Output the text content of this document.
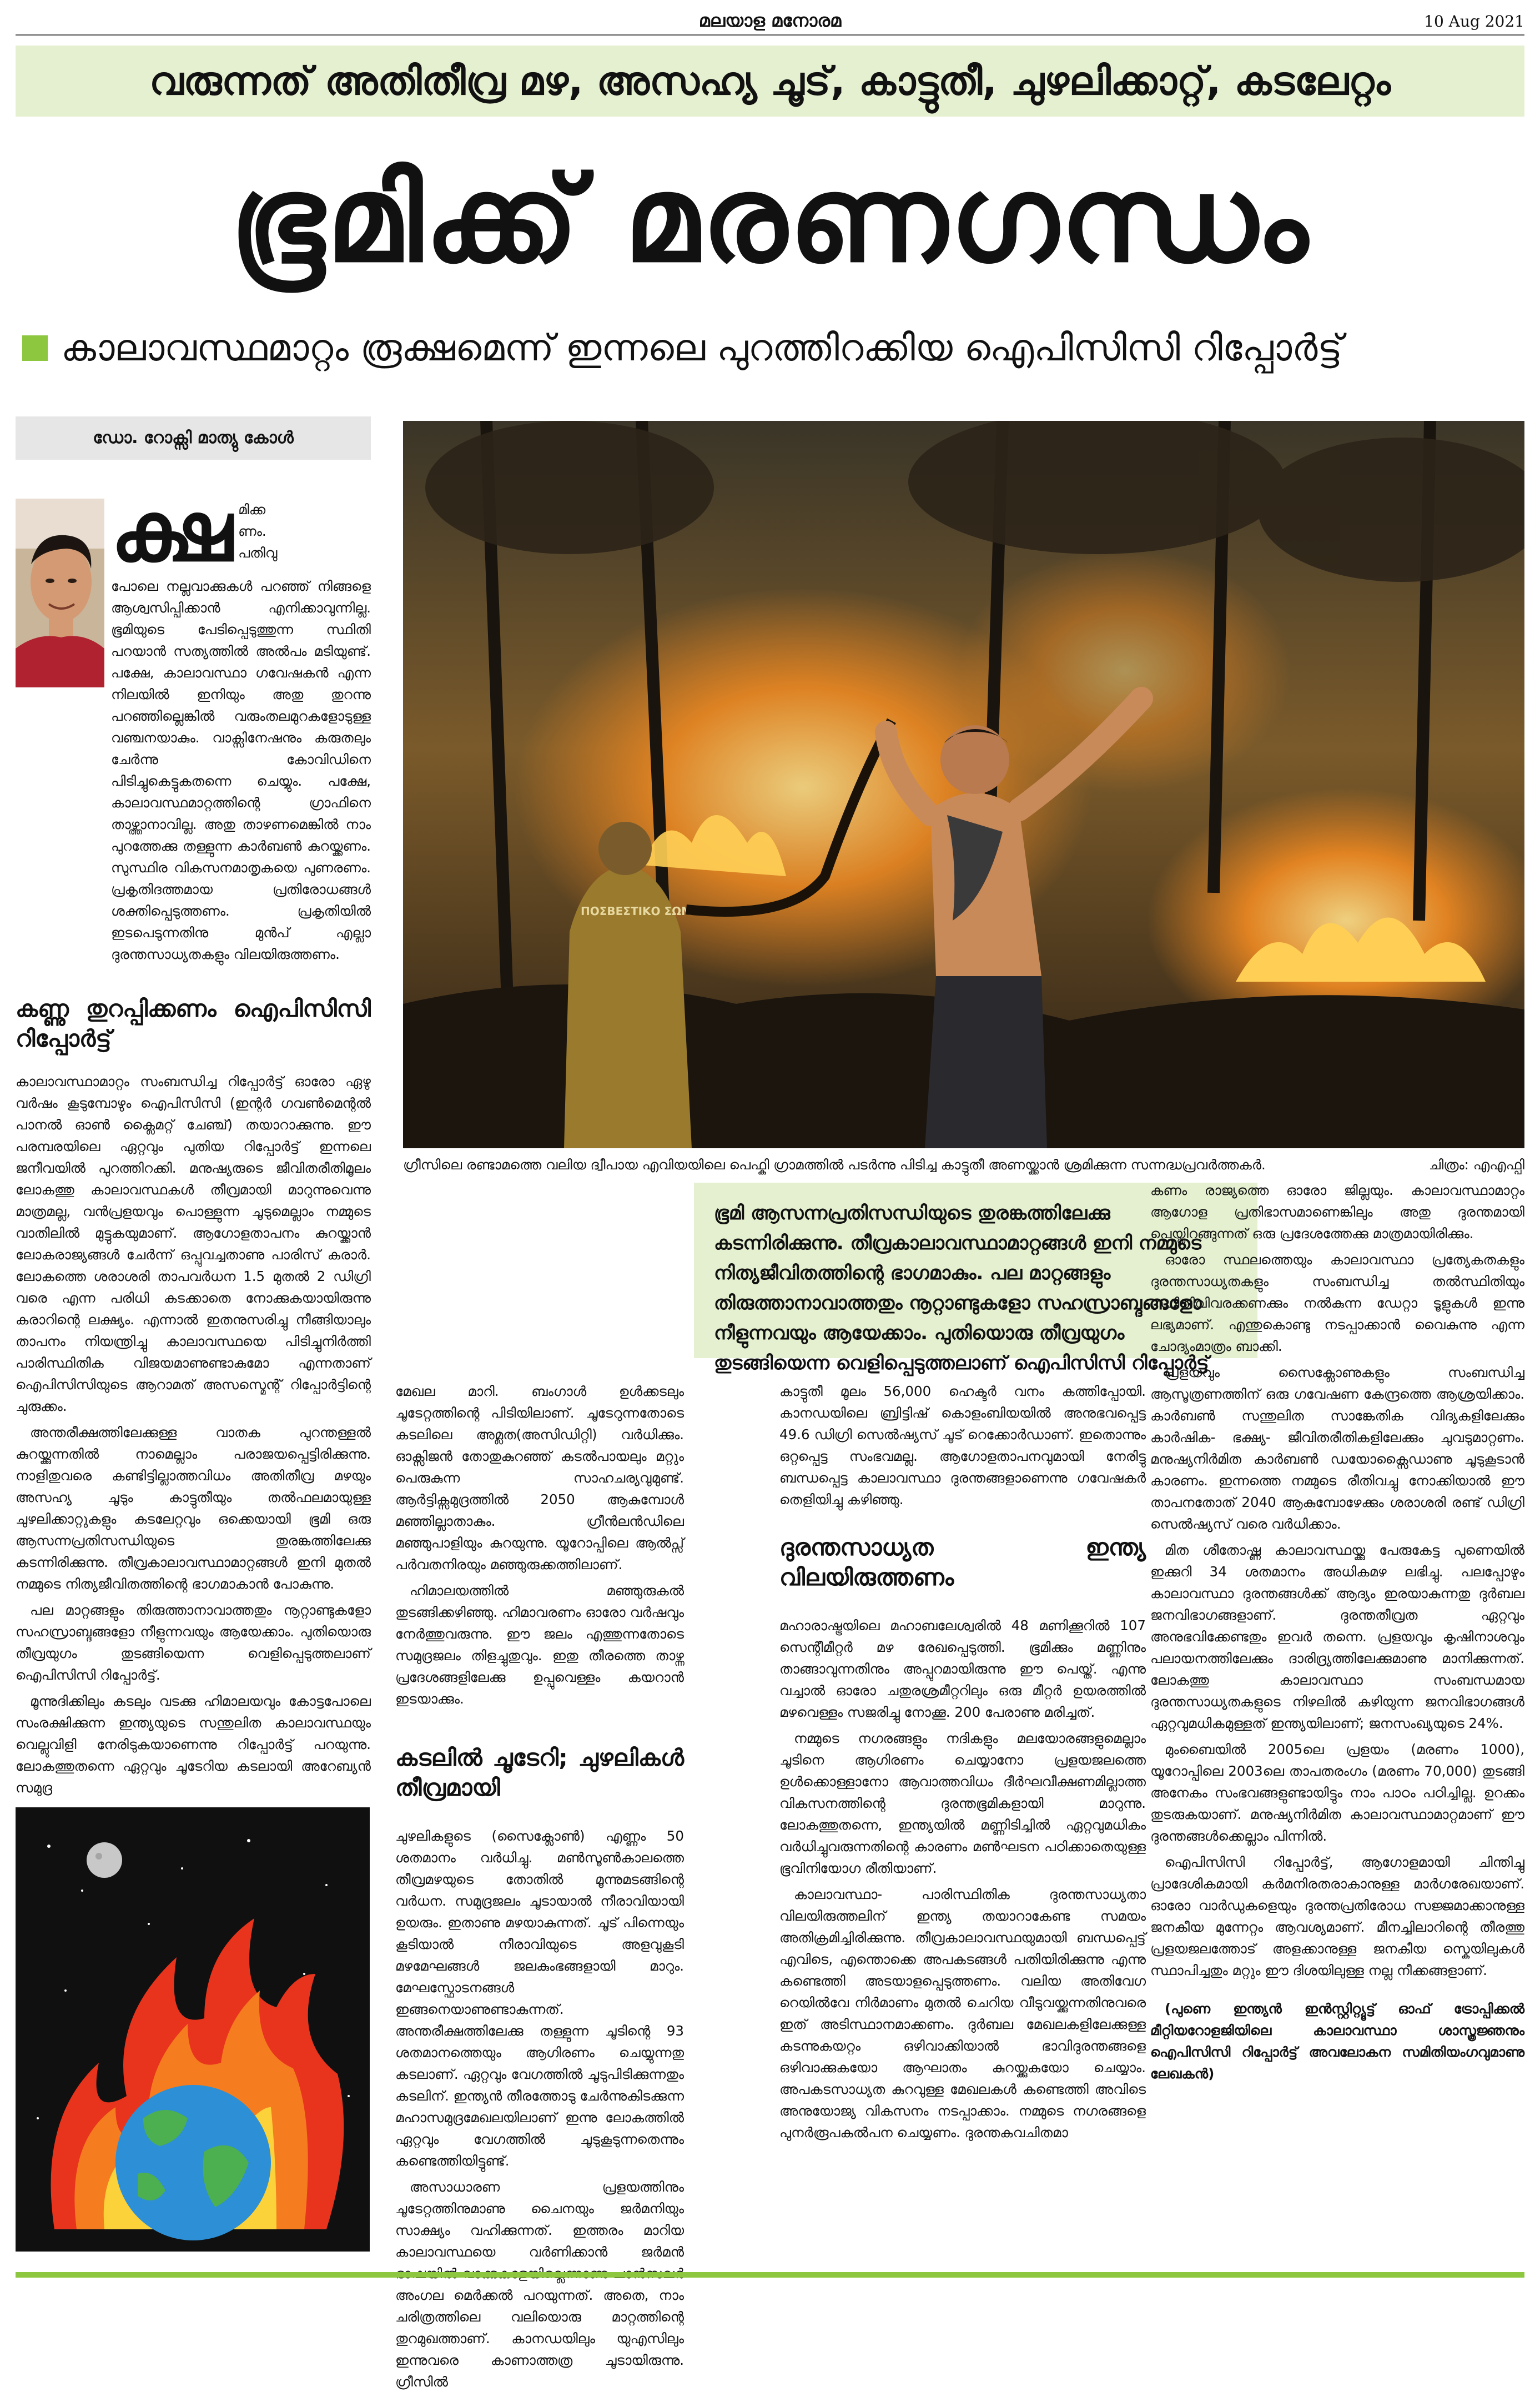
മലയാള മനോരമ	10 Aug 2021
വരുന്നത് അതിതീവ്ര മഴ, അസഹ്യ ചൂട്, കാട്ടുതീ, ചുഴലിക്കാറ്റ്, കടലേറ്റം
ഭൂമിക്ക് മരണഗന്ധം
കാലാവസ്ഥമാറ്റം രൂക്ഷമെന്ന് ഇന്നലെ പുറത്തിറക്കിയ ഐപിസിസി റിപ്പോർട്ട്
ഡോ. റോക്സി മാത്യു കോൾ
ക്ഷ മിക്ക
ണം.
പതിവു

പോലെ നല്ലവാക്കുകൾ പറഞ്ഞ് നിങ്ങളെ ആശ്വസിപ്പിക്കാൻ എനിക്കാവുന്നില്ല. ഭൂമിയുടെ പേടിപ്പെടുത്തുന്ന സ്ഥിതി പറയാൻ സത്യത്തിൽ അൽപം മടിയുണ്ട്. പക്ഷേ, കാലാവസ്ഥാ ഗവേഷകൻ എന്ന നിലയിൽ ഇനിയും അതു തുറന്നു പറഞ്ഞില്ലെങ്കിൽ വരുംതലമുറകളോടുള്ള വഞ്ചനയാകും. വാക്സിനേഷനും കരുതലും ചേർന്നു കോവിഡിനെ പിടിച്ചുകെട്ടുകതന്നെ ചെയ്യും. പക്ഷേ, കാലാവസ്ഥമാറ്റത്തിന്റെ ഗ്രാഫിനെ താഴ്ത്താനാവില്ല. അതു താഴണമെങ്കിൽ നാം പുറത്തേക്കു തള്ളുന്ന കാർബൺ കുറയ്ക്കണം. സുസ്ഥിര വികസനമാതൃകയെ പുണരണം. പ്രകൃതിദത്തമായ പ്രതിരോധങ്ങൾ ശക്തിപ്പെടുത്തണം. പ്രകൃതിയിൽ ഇടപെടുന്നതിനു മുൻപ് എല്ലാ ദുരന്തസാധ്യതകളും വിലയിരുത്തണം.

കണ്ണു തുറപ്പിക്കണം ഐപിസിസി റിപ്പോർട്ട്

കാലാവസ്ഥാമാറ്റം സംബന്ധിച്ച റിപ്പോർട്ട് ഓരോ ഏഴു വർഷം കൂടുമ്പോഴും ഐപിസിസി (ഇന്റർ ഗവൺമെന്റൽ പാനൽ ഓൺ ക്ലൈമറ്റ് ചേഞ്ച്) തയാറാക്കുന്നു. ഈ പരമ്പരയിലെ ഏറ്റവും പുതിയ റിപ്പോർട്ട് ഇന്നലെ ജനീവയിൽ പുറത്തിറക്കി. മനുഷ്യരുടെ ജീവിതരീതിമൂലം ലോകത്തു കാലാവസ്ഥകൾ തീവ്രമായി മാറുന്നുവെന്നു മാത്രമല്ല, വൻപ്രളയവും പൊള്ളുന്ന ചൂടുമെല്ലാം നമ്മുടെ വാതിലിൽ മുട്ടുകയുമാണ്. ആഗോളതാപനം കുറയ്ക്കാൻ ലോകരാജ്യങ്ങൾ ചേർന്ന് ഒപ്പുവച്ചതാണു പാരിസ് കരാർ. ലോകത്തെ ശരാശരി താപവർധന 1.5 മുതൽ 2 ഡിഗ്രി വരെ എന്ന പരിധി കടക്കാതെ നോക്കുകയായിരുന്നു കരാറിന്റെ ലക്ഷ്യം. എന്നാൽ ഇതനുസരിച്ചു നീങ്ങിയാലും താപനം നിയന്ത്രിച്ചു കാലാവസ്ഥയെ പിടിച്ചുനിർത്തി പാരിസ്ഥിതിക വിജയമാണുണ്ടാകുമോ എന്നതാണ് ഐപിസിസിയുടെ ആറാമത് അസസ്മെന്റ് റിപ്പോർട്ടിന്റെ ചുരുക്കം.

അന്തരീക്ഷത്തിലേക്കുള്ള വാതക പുറന്തള്ളൽ കുറയ്ക്കുന്നതിൽ നാമെല്ലാം പരാജയപ്പെട്ടിരിക്കുന്നു. നാളിതുവരെ കണ്ടിട്ടില്ലാത്തവിധം അതിതീവ്ര മഴയും അസഹ്യ ചൂടും കാട്ടുതീയും തൽഫലമായുള്ള ചുഴലിക്കാറ്റുകളും കടലേറ്റവും ഒക്കെയായി ഭൂമി ഒരു ആസന്നപ്രതിസന്ധിയുടെ തുരങ്കത്തിലേക്കു കടന്നിരിക്കുന്നു. തീവ്രകാലാവസ്ഥാമാറ്റങ്ങൾ ഇനി മുതൽ നമ്മുടെ നിത്യജീവിതത്തിന്റെ ഭാഗമാകാൻ പോകുന്നു.

പല മാറ്റങ്ങളും തിരുത്താനാവാത്തതും നൂറ്റാണ്ടുകളോ സഹസ്രാബ്ദങ്ങളോ നീളുന്നവയും ആയേക്കാം. പുതിയൊരു തീവ്രയുഗം തുടങ്ങിയെന്ന വെളിപ്പെടുത്തലാണ് ഐപിസിസി റിപ്പോർട്ട്.

മൂന്നുദിക്കിലും കടലും വടക്കു ഹിമാലയവും കോട്ടപോലെ സംരക്ഷിക്കുന്ന ഇന്ത്യയുടെ സന്തുലിത കാലാവസ്ഥയും വെല്ലുവിളി നേരിടുകയാണെന്നു റിപ്പോർട്ട് പറയുന്നു. ലോകത്തുതന്നെ ഏറ്റവും ചൂടേറിയ കടലായി അറേബ്യൻ സമുദ്ര

ΠΟΣΒΕΣΤΙΚΟ ΣΩΜΑ
ചിത്രം: എഎഫ്പി
ഗ്രീസിലെ രണ്ടാമത്തെ വലിയ ദ്വീപായ എവിയയിലെ പെഫ്കി ഗ്രാമത്തിൽ പടർന്നു പിടിച്ച കാട്ടുതീ അണയ്ക്കാൻ ശ്രമിക്കുന്ന സന്നദ്ധപ്രവർത്തകർ.

ഭൂമി ആസന്നപ്രതിസന്ധിയുടെ തുരങ്കത്തിലേക്കു കടന്നിരിക്കുന്നു. തീവ്രകാലാവസ്ഥാമാറ്റങ്ങൾ ഇനി നമ്മുടെ നിത്യജീവിതത്തിന്റെ ഭാഗമാകും. പല മാറ്റങ്ങളും തിരുത്താനാവാത്തതും നൂറ്റാണ്ടുകളോ സഹസ്രാബ്ദങ്ങളോ നീളുന്നവയും ആയേക്കാം. പുതിയൊരു തീവ്രയുഗം തുടങ്ങിയെന്ന വെളിപ്പെടുത്തലാണ് ഐപിസിസി റിപ്പോർട്ട്

മേഖല മാറി. ബംഗാൾ ഉൾക്കടലും ചൂടേറ്റത്തിന്റെ പിടിയിലാണ്. ചൂടേറുന്നതോടെ കടലിലെ അമ്ലത(അസിഡിറ്റി) വർധിക്കും. ഓക്സിജൻ തോതുകുറഞ്ഞ് കടൽപായലും മറ്റും പെരുകുന്ന സാഹചര്യവുമുണ്ട്. ആർട്ടിക്സമുദ്രത്തിൽ 2050 ആകുമ്പോൾ മഞ്ഞില്ലാതാകും. ഗ്രീൻലൻഡിലെ മഞ്ഞുപാളിയും കുറയുന്നു. യൂറോപ്പിലെ ആൽപ്സ് പർവതനിരയും മഞ്ഞുരുക്കത്തിലാണ്.

ഹിമാലയത്തിൽ മഞ്ഞുരുകൽ തുടങ്ങിക്കഴിഞ്ഞു. ഹിമാവരണം ഓരോ വർഷവും നേർത്തുവരുന്നു. ഈ ജലം എത്തുന്നതോടെ സമുദ്രജലം തിളച്ചുതുവും. ഇതു തീരത്തെ താഴ്ന്ന പ്രദേശങ്ങളിലേക്കു ഉപ്പുവെള്ളം കയറാൻ ഇടയാക്കും.

കടലിൽ ചൂടേറി; ചുഴലികൾ തീവ്രമായി

ചുഴലികളുടെ (സൈക്ലോൺ) എണ്ണം 50 ശതമാനം വർധിച്ചു. മൺസൂൺകാലത്തെ തീവ്രമഴയുടെ തോതിൽ മൂന്നുമടങ്ങിന്റെ വർധന. സമുദ്രജലം ചൂടായാൽ നീരാവിയായി ഉയരും. ഇതാണു മഴയാകുന്നത്. ചൂട് പിന്നെയും കൂടിയാൽ നീരാവിയുടെ അളവുകൂടി മഴമേഘങ്ങൾ ജലകുംഭങ്ങളായി മാറും. മേഘസ്ഫോടനങ്ങൾ ഇങ്ങനെയാണുണ്ടാകുന്നത്. അന്തരീക്ഷത്തിലേക്കു തള്ളുന്ന ചൂടിന്റെ 93 ശതമാനത്തെയും ആഗിരണം ചെയ്യുന്നതു കടലാണ്. ഏറ്റവും വേഗത്തിൽ ചൂടുപിടിക്കുന്നതും കടലിന്. ഇന്ത്യൻ തീരത്തോടു ചേർന്നുകിടക്കുന്ന മഹാസമുദ്രമേഖലയിലാണ് ഇന്നു ലോകത്തിൽ ഏറ്റവും വേഗത്തിൽ ചൂടുകൂടുന്നതെന്നും കണ്ടെത്തിയിട്ടുണ്ട്.

അസാധാരണ പ്രളയത്തിനും ചൂടേറ്റത്തിനുമാണു ചൈനയും ജർമനിയും സാക്ഷ്യം വഹിക്കുന്നത്. ഇത്തരം മാറിയ കാലാവസ്ഥയെ വർണിക്കാൻ ജർമൻ അംഗല മെർക്കൽ പറയുന്നത്. അതെ, നാം ചരിത്രത്തിലെ വലിയൊരു മാറ്റത്തിന്റെ തുറമുഖത്താണ്. കാനഡയിലും യുഎസിലും ഇന്നുവരെ കാണാത്തത്ര ചൂടായിരുന്നു. ഗ്രീസിൽ

കാട്ടുതീ മൂലം 56,000 ഹെക്ടർ വനം കത്തിപ്പോയി. കാനഡയിലെ ബ്രിട്ടിഷ് കൊളംബിയയിൽ അനുഭവപ്പെട്ട 49.6 ഡിഗ്രി സെൽഷ്യസ് ചൂട് റെക്കോർഡാണ്. ഇതൊന്നും ഒറ്റപ്പെട്ട സംഭവമല്ല. ആഗോളതാപനവുമായി നേരിട്ടു ബന്ധപ്പെട്ട കാലാവസ്ഥാ ദുരന്തങ്ങളാണെന്നു ഗവേഷകർ തെളിയിച്ചു കഴിഞ്ഞു.

ദുരന്തസാധ്യത ഇന്ത്യ വിലയിരുത്തണം

മഹാരാഷ്ട്രയിലെ മഹാബലേശ്വരിൽ 48 മണിക്കൂറിൽ 107 സെന്റീമീറ്റർ മഴ രേഖപ്പെടുത്തി. ഭൂമിക്കും മണ്ണിനും താങ്ങാവുന്നതിനും അപ്പുറമായിരുന്നു ഈ പെയ്ത്. എന്നു വച്ചാൽ ഓരോ ചതുരശ്രമീറ്ററിലും ഒരു മീറ്റർ ഉയരത്തിൽ മഴവെള്ളം സജരിച്ചു നോക്കൂ. 200 പേരാണു മരിച്ചത്.

നമ്മുടെ നഗരങ്ങളും നദികളും മലയോരങ്ങളുമെല്ലാം ചൂടിനെ ആഗിരണം ചെയ്യാനോ പ്രളയജലത്തെ ഉൾക്കൊള്ളാനോ ആവാത്തവിധം ദീർഘവീക്ഷണമില്ലാത്ത വികസനത്തിന്റെ ദുരന്തഭൂമികളായി മാറുന്നു. ലോകത്തുതന്നെ, ഇന്ത്യയിൽ മണ്ണിടിച്ചിൽ ഏറ്റവുമധികം വർധിച്ചുവരുന്നതിന്റെ കാരണം മൺഘടന പഠിക്കാതെയുള്ള ഭൂവിനിയോഗ രീതിയാണ്.

കാലാവസ്ഥാ- പാരിസ്ഥിതിക ദുരന്തസാധ്യതാ വിലയിരുത്തലിന് ഇന്ത്യ തയാറാകേണ്ട സമയം അതിക്രമിച്ചിരിക്കുന്നു. തീവ്രകാലാവസ്ഥയുമായി ബന്ധപ്പെട്ട് എവിടെ, എന്തൊക്കെ അപകടങ്ങൾ പതിയിരിക്കുന്നു എന്നു കണ്ടെത്തി അടയാളപ്പെടുത്തണം. വലിയ അതിവേഗ റെയിൽവേ നിർമാണം മുതൽ ചെറിയ വീടുവയ്ക്കുന്നതിനുവരെ ഇത് അടിസ്ഥാനമാക്കണം. ദുർബല മേഖലകളിലേക്കുള്ള കടന്നുകയറ്റം ഒഴിവാക്കിയാൽ ഭാവിദുരന്തങ്ങളെ ഒഴിവാക്കുകയോ ആഘാതം കുറയ്ക്കുകയോ ചെയ്യാം. അപകടസാധ്യത കുറവുള്ള മേഖലകൾ കണ്ടെത്തി അവിടെ അനുയോജ്യ വികസനം നടപ്പാക്കാം. നമ്മുടെ നഗരങ്ങളെ പുനർരൂപകൽപന ചെയ്യണം. ദുരന്തകവചിതമാ

കണം രാജ്യത്തെ ഓരോ ജില്ലയും. കാലാവസ്ഥാമാറ്റം ആഗോള പ്രതിഭാസമാണെങ്കിലും അതു ദുരന്തമായി പെയ്തിറങ്ങുന്നത് ഒരു പ്രദേശത്തേക്കു മാത്രമായിരിക്കും.

ഓരോ സ്ഥലത്തെയും കാലാവസ്ഥാ പ്രത്യേകതകളും ദുരന്തസാധ്യതകളും സംബന്ധിച്ച തൽസ്ഥിതിയും സ്ഥിതിവിവരക്കണക്കും നൽകുന്ന ഡേറ്റാ ടൂളുകൾ ഇന്നു ലഭ്യമാണ്. എന്തുകൊണ്ടു നടപ്പാക്കാൻ വൈകുന്നു എന്ന ചോദ്യംമാത്രം ബാക്കി.

പ്രളയവും സൈക്ലോണുകളും സംബന്ധിച്ച ആസൂത്രണത്തിന് ഒരു ഗവേഷണ കേന്ദ്രത്തെ ആശ്രയിക്കാം. കാർബൺ സന്തുലിത സാങ്കേതിക വിദ്യകളിലേക്കും കാർഷിക- ഭക്ഷ്യ- ജീവിതരീതികളിലേക്കും ചുവടുമാറ്റണം. മനുഷ്യനിർമിത കാർബൺ ഡയോക്സൈഡാണു ചൂടുകൂടാൻ കാരണം. ഇന്നത്തെ നമ്മുടെ രീതിവച്ചു നോക്കിയാൽ ഈ താപനതോത് 2040 ആകുമ്പോഴേക്കും ശരാശരി രണ്ട് ഡിഗ്രി സെൽഷ്യസ് വരെ വർധിക്കാം.

മിത ശീതോഷ്ണ കാലാവസ്ഥയ്ക്കു പേരുകേട്ട പുണെയിൽ ഇക്കുറി 34 ശതമാനം അധികമഴ ലഭിച്ചു. പലപ്പോഴും കാലാവസ്ഥാ ദുരന്തങ്ങൾക്ക് ആദ്യം ഇരയാകുന്നതു ദുർബല ജനവിഭാഗങ്ങളാണ്. ദുരന്തതീവ്രത ഏറ്റവും അനുഭവിക്കേണ്ടതും ഇവർ തന്നെ. പ്രളയവും കൃഷിനാശവും പലായനത്തിലേക്കും ദാരിദ്ര്യത്തിലേക്കുമാണു മാനിക്കുന്നത്. ലോകത്തു കാലാവസ്ഥാ സംബന്ധമായ ദുരന്തസാധ്യതകളുടെ നിഴലിൽ കഴിയുന്ന ജനവിഭാഗങ്ങൾ ഏറ്റവുമധികമുള്ളത് ഇന്ത്യയിലാണ്; ജനസംഖ്യയുടെ 24%.

മുംബൈയിൽ 2005ലെ പ്രളയം (മരണം 1000), യൂറോപ്പിലെ 2003ലെ താപതരംഗം (മരണം 70,000) തുടങ്ങി അനേകം സംഭവങ്ങളുണ്ടായിട്ടും നാം പാഠം പഠിച്ചില്ല. ഉറക്കം തുടരുകയാണ്. മനുഷ്യനിർമിത കാലാവസ്ഥാമാറ്റമാണ് ഈ ദുരന്തങ്ങൾക്കെല്ലാം പിന്നിൽ.

ഐപിസിസി റിപ്പോർട്ട്, ആഗോളമായി ചിന്തിച്ചു പ്രാദേശികമായി കർമനിരതരാകാനുള്ള മാർഗരേഖയാണ്. ഓരോ വാർഡുകളെയും ദുരന്തപ്രതിരോധ സജ്ജമാക്കാനുള്ള ജനകീയ മുന്നേറ്റം ആവശ്യമാണ്. മീനച്ചിലാറിന്റെ തീരത്തു പ്രളയജലത്തോട് അളക്കാനുള്ള ജനകീയ സ്കെയിലുകൾ സ്ഥാപിച്ചതും മറ്റും ഈ ദിശയിലുള്ള നല്ല നീക്കങ്ങളാണ്.

(പുണെ ഇന്ത്യൻ ഇൻസ്റ്റിറ്റ്യൂട്ട് ഓഫ് ട്രോപ്പിക്കൽ മീറ്റിയറോളജിയിലെ കാലാവസ്ഥാ ശാസ്ത്രജ്ഞനും ഐപിസിസി റിപ്പോർട്ട് അവലോകന സമിതിയംഗവുമാണു ലേഖകൻ)
